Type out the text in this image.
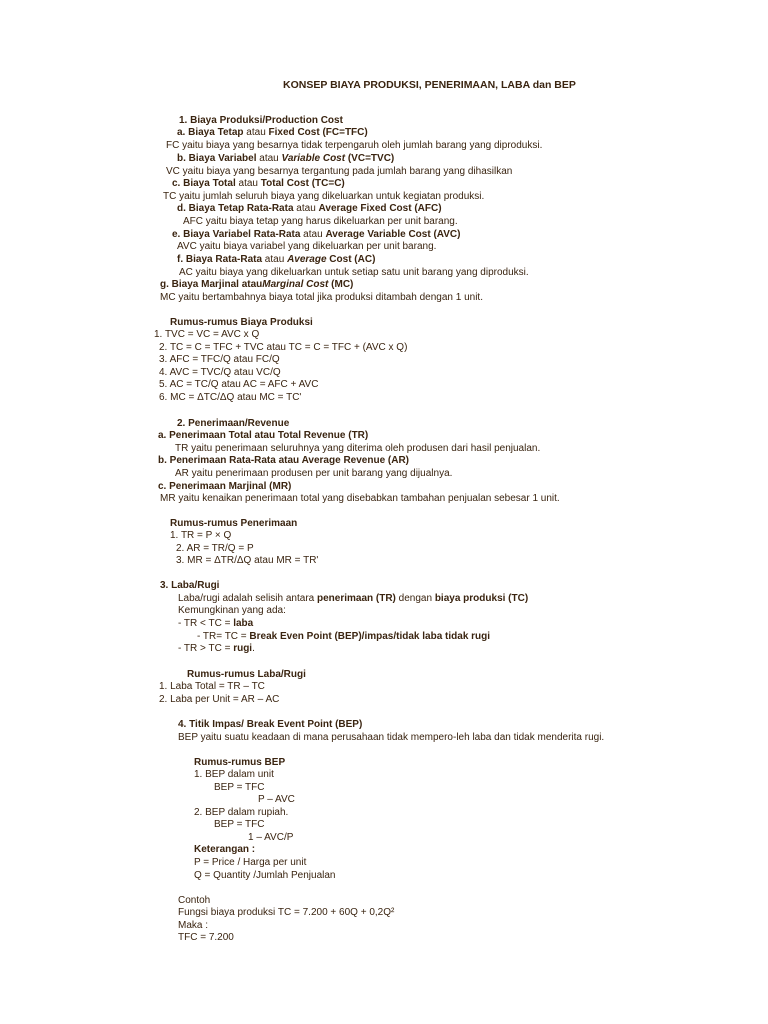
KONSEP BIAYA PRODUKSI, PENERIMAAN, LABA dan BEP
1. Biaya Produksi/Production Cost
a. Biaya Tetap atau Fixed Cost (FC=TFC)
FC yaitu biaya yang besarnya tidak terpengaruh oleh jumlah barang yang diproduksi.
b. Biaya Variabel atau Variable Cost (VC=TVC)
VC yaitu biaya yang besarnya tergantung pada jumlah barang yang dihasilkan
c. Biaya Total atau Total Cost (TC=C)
TC yaitu jumlah seluruh biaya yang dikeluarkan untuk kegiatan produksi.
d. Biaya Tetap Rata-Rata atau Average Fixed Cost (AFC)
AFC yaitu biaya tetap yang harus dikeluarkan per unit barang.
e. Biaya Variabel Rata-Rata atau Average Variable Cost (AVC)
AVC yaitu biaya variabel yang dikeluarkan per unit barang.
f. Biaya Rata-Rata atau Average Cost (AC)
AC yaitu biaya yang dikeluarkan untuk setiap satu unit barang yang diproduksi.
g. Biaya Marjinal atauMarginal Cost (MC)
MC yaitu bertambahnya biaya total jika produksi ditambah dengan 1 unit.
Rumus-rumus Biaya Produksi
1. TVC = VC = AVC x Q
2. TC = C = TFC + TVC atau TC = C = TFC + (AVC x Q)
3. AFC = TFC/Q atau FC/Q
4. AVC = TVC/Q atau VC/Q
5. AC = TC/Q atau AC = AFC + AVC
6. MC = ΔTC/ΔQ atau MC = TC'
2. Penerimaan/Revenue
a. Penerimaan Total atau Total Revenue (TR)
TR yaitu penerimaan seluruhnya yang diterima oleh produsen dari hasil penjualan.
b. Penerimaan Rata-Rata atau Average Revenue (AR)
AR yaitu penerimaan produsen per unit barang yang dijualnya.
c. Penerimaan Marjinal (MR)
MR yaitu kenaikan penerimaan total yang disebabkan tambahan penjualan sebesar 1 unit.
Rumus-rumus Penerimaan
1. TR = P × Q
2. AR = TR/Q = P
3. MR = ΔTR/ΔQ atau MR = TR'
3. Laba/Rugi
Laba/rugi adalah selisih antara penerimaan (TR) dengan biaya produksi (TC)
Kemungkinan yang ada:
- TR < TC = laba
- TR= TC = Break Even Point (BEP)/impas/tidak laba tidak rugi
- TR > TC = rugi.
Rumus-rumus Laba/Rugi
1. Laba Total = TR – TC
2. Laba per Unit = AR – AC
4. Titik Impas/ Break Event Point (BEP)
BEP yaitu suatu keadaan di mana perusahaan tidak mempero-leh laba dan tidak menderita rugi.
Rumus-rumus BEP
1. BEP dalam unit
BEP = TFC
P – AVC
2. BEP dalam rupiah.
BEP = TFC
1 – AVC/P
Keterangan :
P = Price / Harga per unit
Q = Quantity /Jumlah Penjualan
Contoh
Fungsi biaya produksi TC = 7.200 + 60Q + 0,2Q²
Maka :
TFC = 7.200
